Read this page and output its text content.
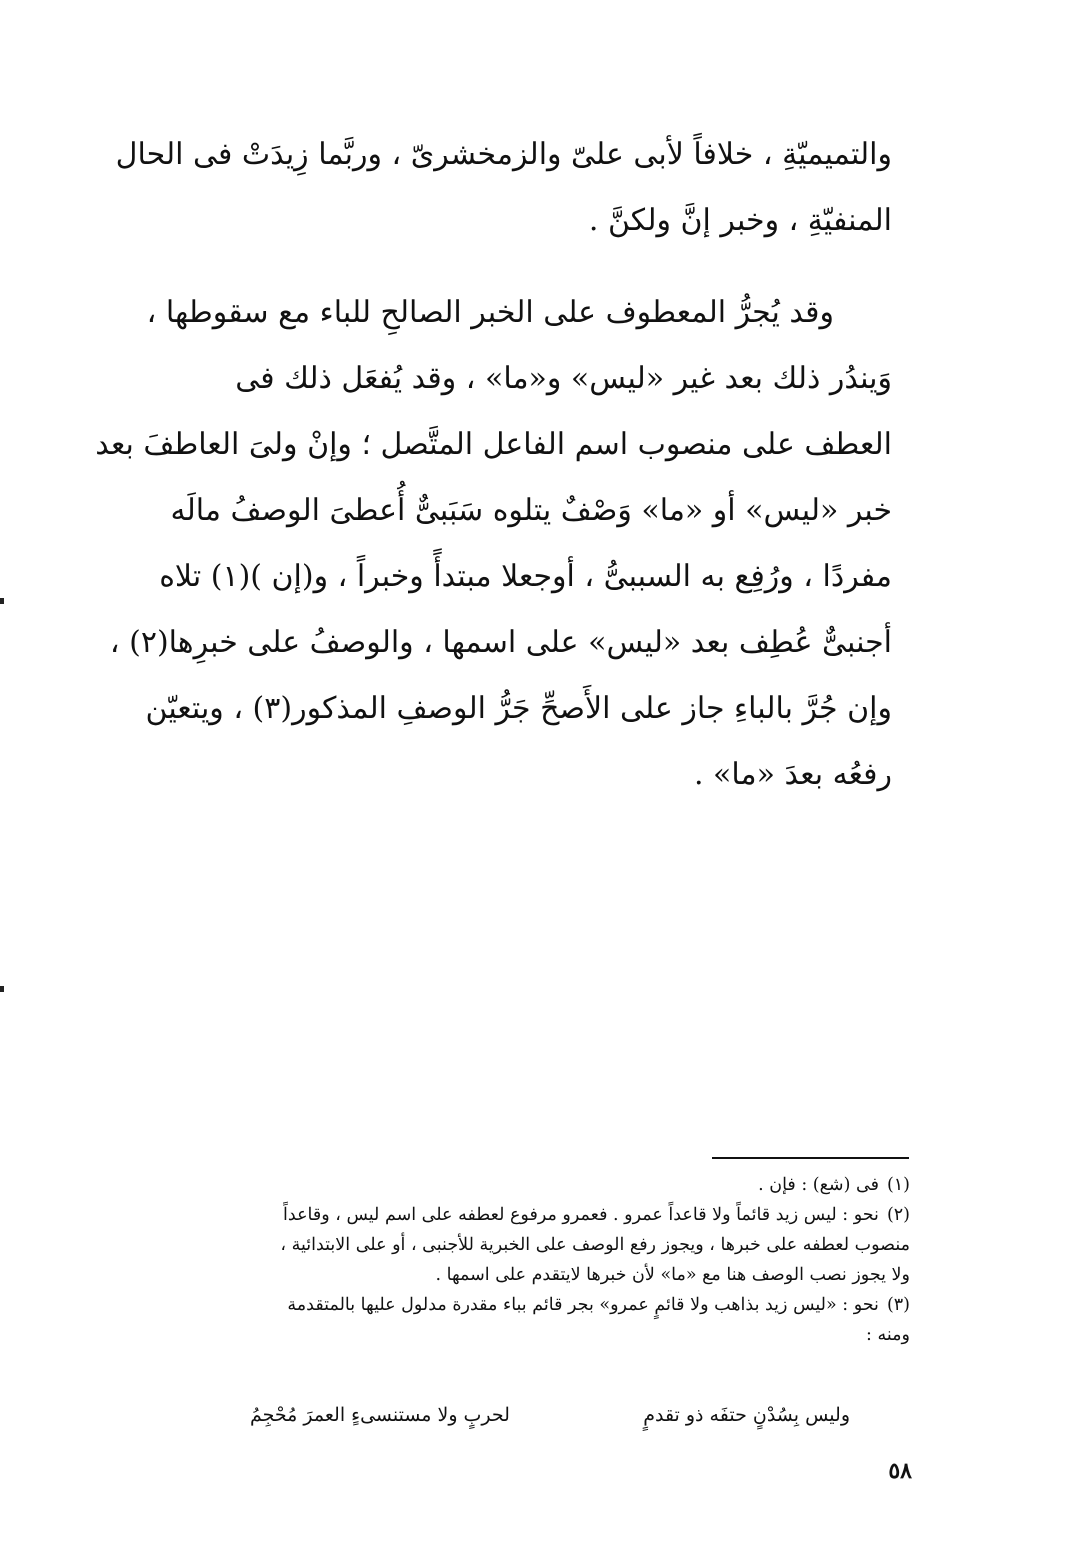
والتميميّةِ ، خلافاً لأبى علىّ والزمخشرىّ ، وربَّما زِيدَتْ فى الحال
المنفيّةِ ، وخبر إنَّ ولكنَّ .
وقد يُجرُّ المعطوف على الخبر الصالحِ للباء مع سقوطها ،
وَيندُر ذلك بعد غير «ليس» و«ما» ، وقد يُفعَل ذلك فى
العطف على منصوب اسم الفاعل المتَّصل ؛ وإنْ ولىَ العاطفَ بعد
خبر «ليس» أو «ما» وَصْفٌ يتلوه سَبَبىٌّ أُعطىَ الوصفُ مالَه
مفردًا ، ورُفِع به السببىُّ ، أوجعلا مبتدأً وخبراً ، و(إن )(١) تلاه
أجنبىٌّ عُطِف بعد «ليس» على اسمها ، والوصفُ على خبرِها(٢) ،
وإن جُرَّ بالباءِ جاز على الأَصحِّ جَرُّ الوصفِ المذكور(٣) ، ويتعيّن
رفعُه بعدَ «ما» .
(١)فى (شع) : فإن .
(٢)نحو : ليس زيد قائماً ولا قاعداً عمرو . فعمرو مرفوع لعطفه على اسم ليس ، وقاعداً
منصوب لعطفه على خبرها ، ويجوز رفع الوصف على الخبرية للأجنبى ، أو على الابتدائية ،
ولا يجوز نصب الوصف هنا مع «ما» لأن خبرها لايتقدم على اسمها .
(٣)نحو : «ليس زيد بذاهب ولا قائمٍ عمرو» بجر قائم بباء مقدرة مدلول عليها بالمتقدمة
ومنه :
وليس بِسُدْنٍ حتفَه ذو تقدمٍ
لحربٍ ولا مستنسىءٍ العمرَ مُحْجِمُ
٥٨
